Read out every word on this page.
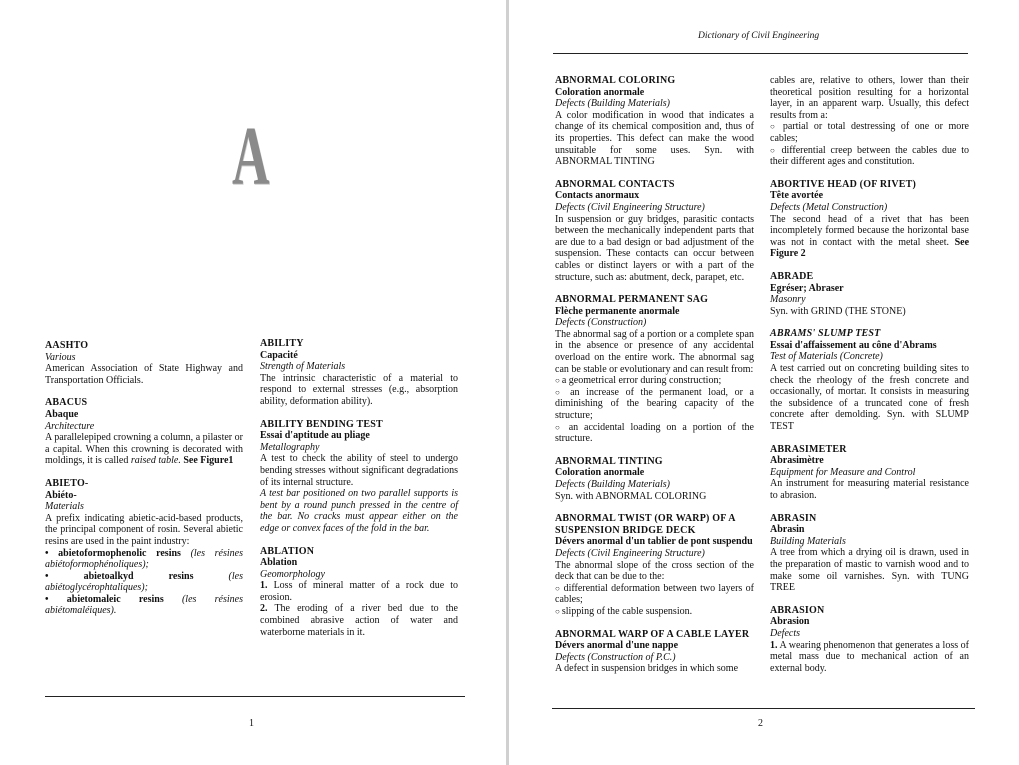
A
AASHTO
Various
American Association of State Highway and Transportation Officials.
ABACUS
Abaque
Architecture
A parallelepiped crowning a column, a pilaster or a capital. When this crowning is decorated with moldings, it is called raised table. See Figure1
ABIETO-
Abiéto-
Materials
A prefix indicating abietic-acid-based products, the principal component of rosin. Several abietic resins are used in the paint industry:
• abietoformophenolic resins (les résines abiétoformophénoliques);
• abietoalkyd resins	(les abiétoglycérophtaliques);
• abietomaleic resins (les résines abiétomaléiques).
ABILITY
Capacité
Strength of Materials
The intrinsic characteristic of a material to respond to external stresses (e.g., absorption ability, deformation ability).
ABILITY BENDING TEST
Essai d'aptitude au pliage
Metallography
A test to check the ability of steel to undergo bending stresses without significant degradations of its internal structure.
A test bar positioned on two parallel supports is bent by a round punch pressed in the centre of the bar. No cracks must appear either on the edge or convex faces of the fold in the bar.
ABLATION
Ablation
Geomorphology
1. Loss of mineral matter of a rock due to erosion.
2. The eroding of a river bed due to the combined abrasive action of water and waterborne materials in it.
1
Dictionary of Civil Engineering
ABNORMAL COLORING
Coloration anormale
Defects (Building Materials)
A color modification in wood that indicates a change of its chemical composition and, thus of its properties. This defect can make the wood unsuitable for some uses. Syn. with ABNORMAL TINTING
ABNORMAL CONTACTS
Contacts anormaux
Defects (Civil Engineering Structure)
In suspension or guy bridges, parasitic contacts between the mechanically independent parts that are due to a bad design or bad adjustment of the suspension. These contacts can occur between cables or distinct layers or with a part of the structure, such as: abutment, deck, parapet, etc.
ABNORMAL PERMANENT SAG
Flèche permanente anormale
Defects (Construction)
The abnormal sag of a portion or a complete span in the absence or presence of any accidental overload on the entire work. The abnormal sag can be stable or evolutionary and can result from:
○ a geometrical error during construction;
○ an increase of the permanent load, or a diminishing of the bearing capacity of the structure;
○ an accidental loading on a portion of the structure.
ABNORMAL TINTING
Coloration anormale
Defects (Building Materials)
Syn. with ABNORMAL COLORING
ABNORMAL TWIST (OR WARP) OF A SUSPENSION BRIDGE DECK
Dévers anormal d'un tablier de pont suspendu
Defects (Civil Engineering Structure)
The abnormal slope of the cross section of the deck that can be due to the:
○ differential deformation between two layers of cables;
○ slipping of the cable suspension.
ABNORMAL WARP OF A CABLE LAYER
Dévers anormal d'une nappe
Defects (Construction of P.C.)
A defect in suspension bridges in which some
cables are, relative to others, lower than their theoretical position resulting for a horizontal layer, in an apparent warp. Usually, this defect results from a:
○ partial or total destressing of one or more cables;
○ differential creep between the cables due to their different ages and constitution.
ABORTIVE HEAD (OF RIVET)
Tête avortée
Defects (Metal Construction)
The second head of a rivet that has been incompletely formed because the horizontal base was not in contact with the metal sheet. See Figure 2
ABRADE
Egréser; Abraser
Masonry
Syn. with GRIND (THE STONE)
ABRAMS' SLUMP TEST
Essai d'affaissement au cône d'Abrams
Test of Materials (Concrete)
A test carried out on concreting building sites to check the rheology of the fresh concrete and occasionally, of mortar. It consists in measuring the subsidence of a truncated cone of fresh concrete after demolding. Syn. with SLUMP TEST
ABRASIMETER
Abrasimètre
Equipment for Measure and Control
An instrument for measuring material resistance to abrasion.
ABRASIN
Abrasin
Building Materials
A tree from which a drying oil is drawn, used in the preparation of mastic to varnish wood and to make some oil varnishes. Syn. with TUNG TREE
ABRASION
Abrasion
Defects
1. A wearing phenomenon that generates a loss of metal mass due to mechanical action of an external body.
2
